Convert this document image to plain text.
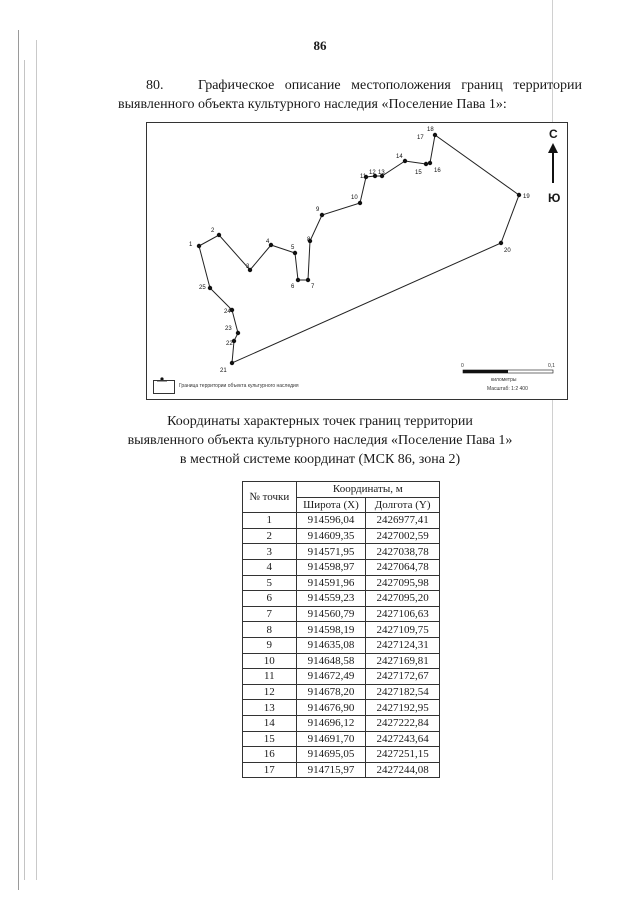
86
80. Графическое описание местоположения границ территории выявленного объекта культурного наследия «Поселение Пава 1»:
1
2
3
4
5
6	7
8
9
10
11
12 13
14
15 16
17
18
19
20
21
22
23
24
25
С
Ю
Граница территории объекта культурного наследия
0	0,1
километры
Масштаб: 1:2 400
Координаты характерных точек границ территории
выявленного объекта культурного наследия «Поселение Пава 1»
в местной системе координат (МСК 86, зона 2)
№ точки	Координаты, м	
	Широта (X)	Долгота (Y)
1	914596,04	2426977,41
2	914609,35	2427002,59
3	914571,95	2427038,78
4	914598,97	2427064,78
5	914591,96	2427095,98
6	914559,23	2427095,20
7	914560,79	2427106,63
8	914598,19	2427109,75
9	914635,08	2427124,31
10	914648,58	2427169,81
11	914672,49	2427172,67
12	914678,20	2427182,54
13	914676,90	2427192,95
14	914696,12	2427222,84
15	914691,70	2427243,64
16	914695,05	2427251,15
17	914715,97	2427244,08
